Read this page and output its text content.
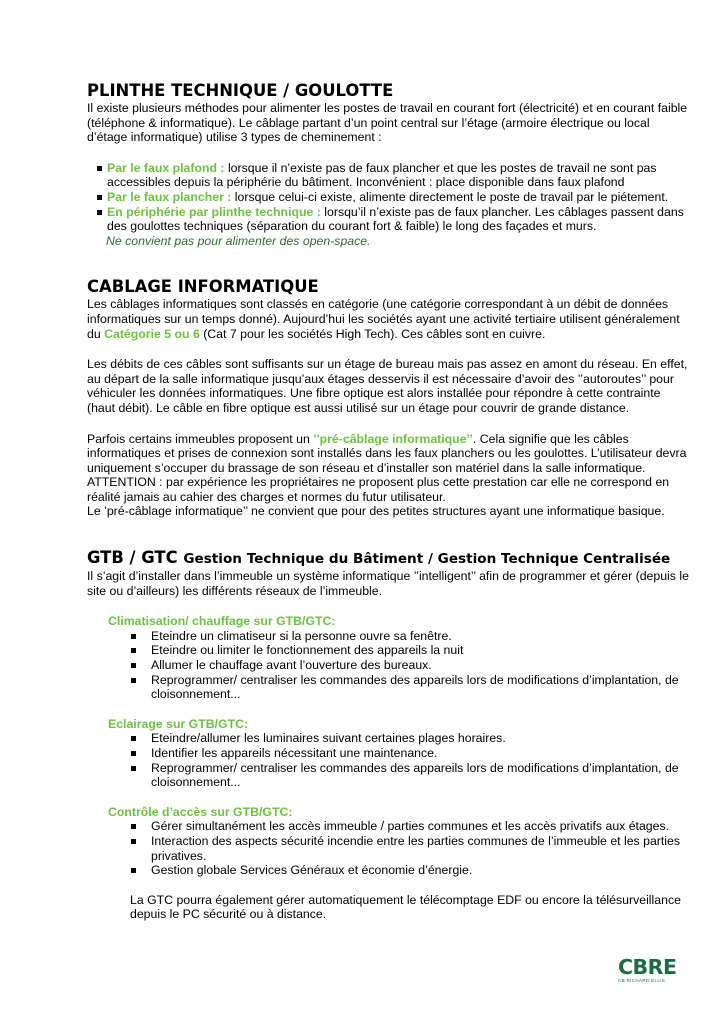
PLINTHE TECHNIQUE / GOULOTTE

Il existe plusieurs méthodes pour alimenter les postes de travail en courant fort (électricité) et en courant faible (téléphone & informatique). Le câblage partant d’un point central sur l’étage (armoire électrique ou local d’étage informatique) utilise 3 types de cheminement :

Par le faux plafond : lorsque il n’existe pas de faux plancher et que les postes de travail ne sont pas accessibles depuis la périphérie du bâtiment. Inconvénient : place disponible dans faux plafond
Par le faux plancher : lorsque celui-ci existe, alimente directement le poste de travail par le piétement.
En périphérie par plinthe technique : lorsqu’il n’existe pas de faux plancher. Les câblages passent dans des goulottes techniques (séparation du courant fort & faible) le long des façades et murs.

Ne convient pas pour alimenter des open-space.

CABLAGE INFORMATIQUE

Les câblages informatiques sont classés en catégorie (une catégorie correspondant à un débit de données informatiques sur un temps donné). Aujourd’hui les sociétés ayant une activité tertiaire utilisent généralement du Catégorie 5 ou 6 (Cat 7 pour les sociétés High Tech). Ces câbles sont en cuivre.

Les débits de ces câbles sont suffisants sur un étage de bureau mais pas assez en amont du réseau. En effet, au départ de la salle informatique jusqu’aux étages desservis il est nécessaire d’avoir des ’’autoroutes’’ pour véhiculer les données informatiques. Une fibre optique est alors installée pour répondre à cette contrainte (haut débit). Le câble en fibre optique est aussi utilisé sur un étage pour couvrir de grande distance.

Parfois certains immeubles proposent un ’’pré-câblage informatique’’. Cela signifie que les câbles informatiques et prises de connexion sont installés dans les faux planchers ou les goulottes. L’utilisateur devra uniquement s’occuper du brassage de son réseau et d’installer son matériel dans la salle informatique.

ATTENTION : par expérience les propriétaires ne proposent plus cette prestation car elle ne correspond en réalité jamais au cahier des charges et normes du futur utilisateur.

Le ’pré-câblage informatique’’ ne convient que pour des petites structures ayant une informatique basique.

GTB / GTC Gestion Technique du Bâtiment / Gestion Technique Centralisée

Il s’agit d’installer dans l’immeuble un système informatique ’’intelligent’’ afin de programmer et gérer (depuis le site ou d’ailleurs) les différents réseaux de l’immeuble.

Climatisation/ chauffage sur GTB/GTC:

Eteindre un climatiseur si la personne ouvre sa fenêtre.
Eteindre ou limiter le fonctionnement des appareils la nuit
Allumer le chauffage avant l’ouverture des bureaux.
Reprogrammer/ centraliser les commandes des appareils lors de modifications d’implantation, de cloisonnement...

Eclairage sur GTB/GTC:

Eteindre/allumer les luminaires suivant certaines plages horaires.
Identifier les appareils nécessitant une maintenance.
Reprogrammer/ centraliser les commandes des appareils lors de modifications d’implantation, de cloisonnement...

Contrôle d’accès sur GTB/GTC:

Gérer simultanément les accès immeuble / parties communes et les accès privatifs aux étages.
Interaction des aspects sécurité incendie entre les parties communes de l’immeuble et les parties privatives.
Gestion globale Services Généraux et économie d’énergie.

La GTC pourra également gérer automatiquement le télécomptage EDF ou encore la télésurveillance depuis le PC sécurité ou à distance.

CBRE
CB RICHARD ELLIS
